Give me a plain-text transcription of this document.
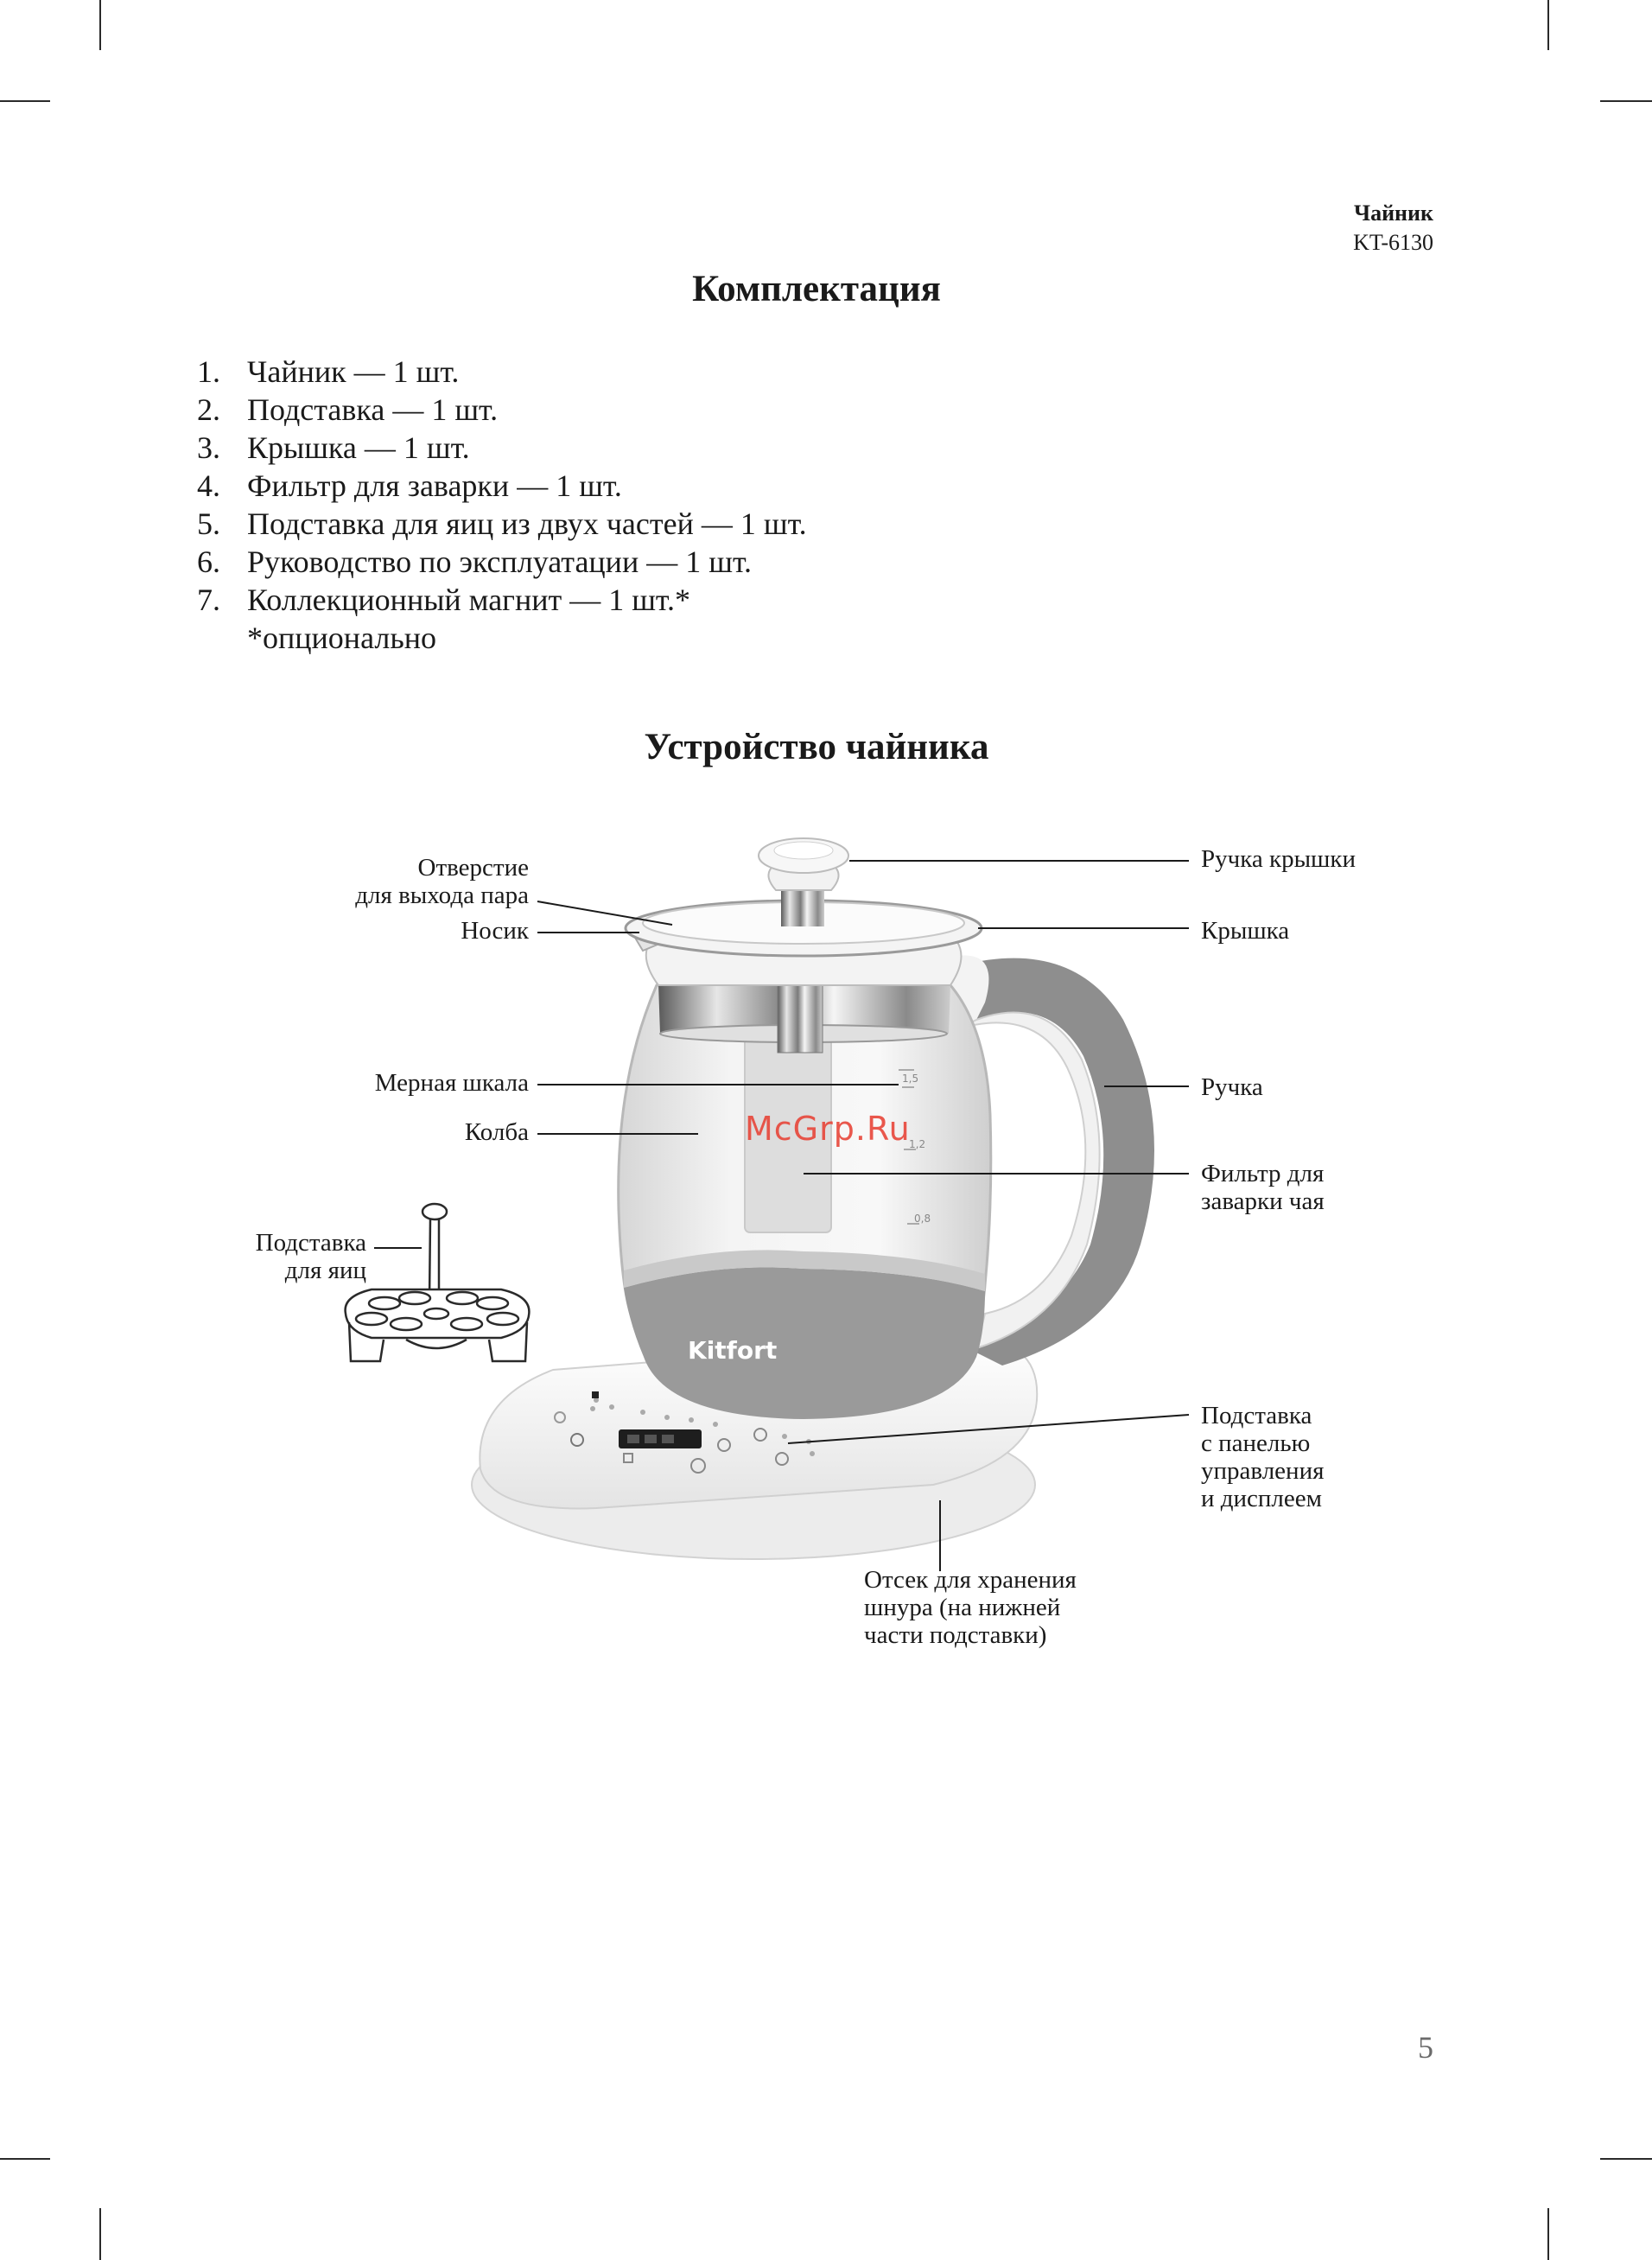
Чайник
KT-6130
Комплектация
1. Чайник — 1 шт.
2. Подставка — 1 шт.
3. Крышка — 1 шт.
4. Фильтр для заварки — 1 шт.
5. Подставка для яиц из двух частей — 1 шт.
6. Руководство по эксплуатации — 1 шт.
7. Коллекционный магнит — 1 шт.*
*опционально
Устройство чайника
1,5
1,2
0,8
Kitfort
Отверстие
для выхода пара
Носик
Мерная шкала
Колба
Подставка
для яиц
Ручка крышки
Крышка
Ручка
Фильтр для
заварки чая
Подставка
с панелью
управления
и дисплеем
Отсек для хранения
шнура (на нижней
части подставки)
McGrp.Ru
5
